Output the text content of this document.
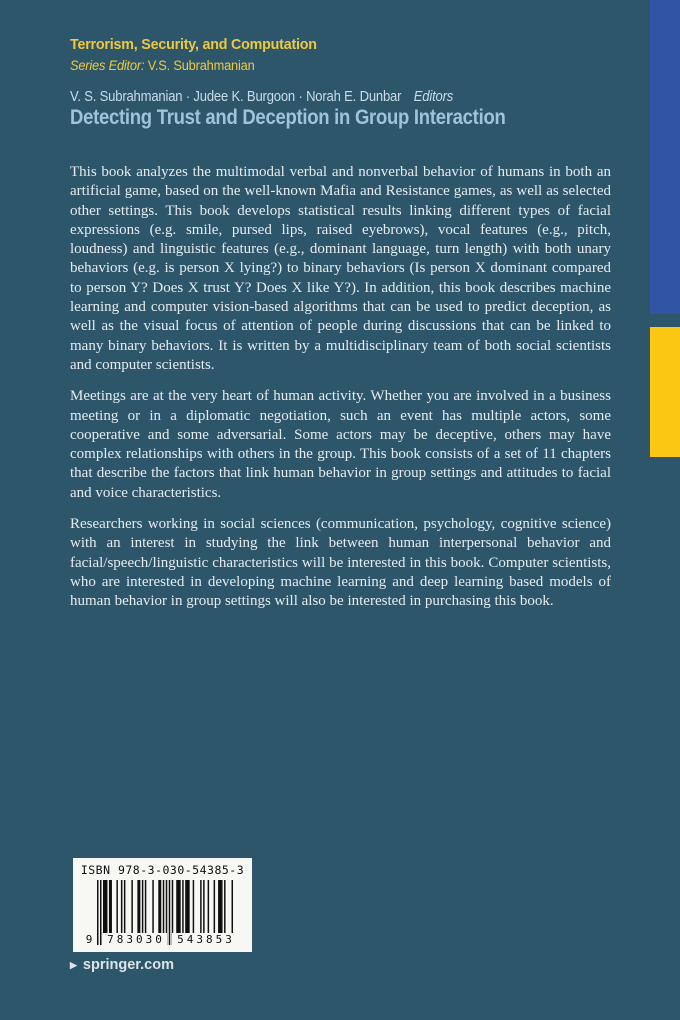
Terrorism, Security, and Computation
Series Editor: V.S. Subrahmanian
V. S. Subrahmanian · Judee K. Burgoon · Norah E. Dunbar Editors
Detecting Trust and Deception in Group Interaction

This book analyzes the multimodal verbal and nonverbal behavior of humans in both an artificial game, based on the well-known Mafia and Resistance games, as well as selected other settings. This book develops statistical results linking different types of facial expressions (e.g. smile, pursed lips, raised eyebrows), vocal features (e.g., pitch, loudness) and linguistic features (e.g., dominant language, turn length) with both unary behaviors (e.g. is person X lying?) to binary behaviors (Is person X dominant compared to person Y? Does X trust Y? Does X like Y?). In addition, this book describes machine learning and computer vision-based algorithms that can be used to predict deception, as well as the visual focus of attention of people during discussions that can be linked to many binary behaviors. It is written by a multidisciplinary team of both social scientists and computer scientists.

Meetings are at the very heart of human activity. Whether you are involved in a business meeting or in a diplomatic negotiation, such an event has multiple actors, some cooperative and some adversarial. Some actors may be deceptive, others may have complex relationships with others in the group. This book consists of a set of 11 chapters that describe the factors that link human behavior in group settings and attitudes to facial and voice characteristics.

Researchers working in social sciences (communication, psychology, cognitive science) with an interest in studying the link between human interpersonal behavior and facial/speech/linguistic characteristics will be interested in this book. Computer scientists, who are interested in developing machine learning and deep learning based models of human behavior in group settings will also be interested in purchasing this book.

ISBN 978-3-030-54385-3
9	783030	543853
▶ springer.com
